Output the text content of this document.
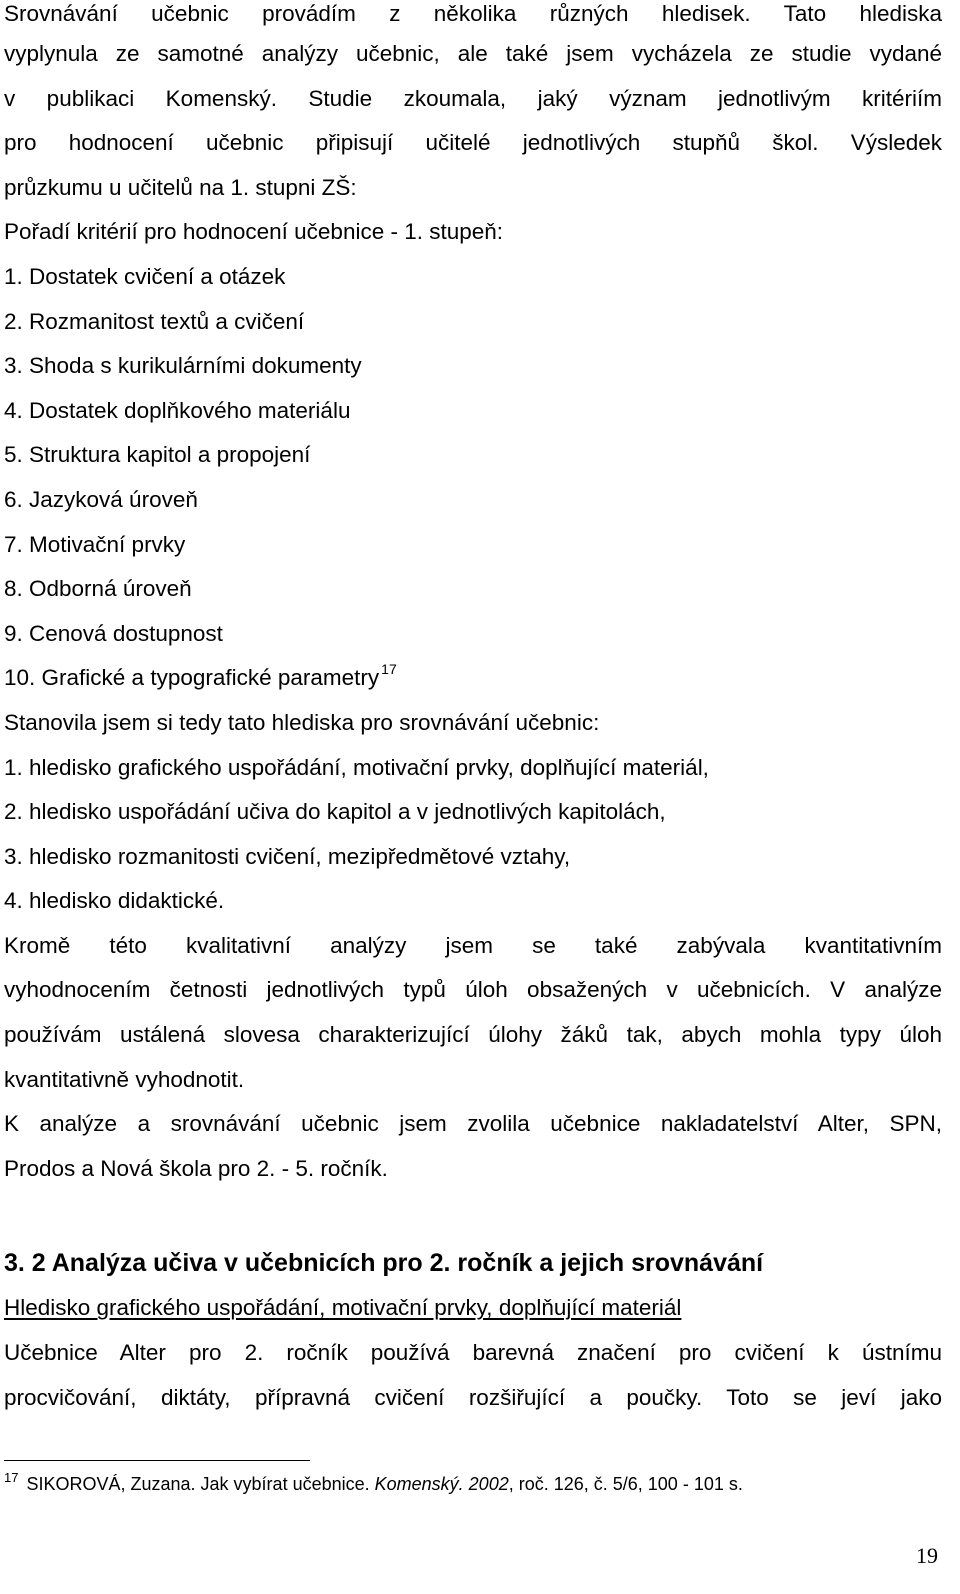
Srovnávání učebnic provádím z několika různých hledisek. Tato hlediska
vyplynula ze samotné analýzy učebnic, ale také jsem vycházela ze studie vydané
v publikaci Komenský. Studie zkoumala, jaký význam jednotlivým kritériím
pro hodnocení učebnic připisují učitelé jednotlivých stupňů škol. Výsledek
průzkumu u učitelů na 1. stupni ZŠ:
Pořadí kritérií pro hodnocení učebnice - 1. stupeň:
1. Dostatek cvičení a otázek
2. Rozmanitost textů a cvičení
3. Shoda s kurikulárními dokumenty
4. Dostatek doplňkového materiálu
5. Struktura kapitol a propojení
6. Jazyková úroveň
7. Motivační prvky
8. Odborná úroveň
9. Cenová dostupnost
10. Grafické a typografické parametry $^{17}$
Stanovila jsem si tedy tato hlediska pro srovnávání učebnic:
1. hledisko grafického uspořádání, motivační prvky, doplňující materiál,
2. hledisko uspořádání učiva do kapitol a v jednotlivých kapitolách,
3. hledisko rozmanitosti cvičení, mezipředmětové vztahy,
4. hledisko didaktické.
Kromě této kvalitativní analýzy jsem se také zabývala kvantitativním
vyhodnocením četnosti jednotlivých typů úloh obsažených v učebnicích. V analýze
používám ustálená slovesa charakterizující úlohy žáků tak, abych mohla typy úloh
kvantitativně vyhodnotit.
K analýze a srovnávání učebnic jsem zvolila učebnice nakladatelství Alter, SPN,
Prodos a Nová škola pro 2. - 5. ročník.
3. 2 Analýza učiva v učebnicích pro 2. ročník a jejich srovnávání
Hledisko grafického uspořádání, motivační prvky, doplňující materiál
Učebnice Alter pro 2. ročník používá barevná značení pro cvičení k ústnímu
procvičování, diktáty, přípravná cvičení rozšiřující a poučky. Toto se jeví jako
$^{17}$ SIKOROVÁ, Zuzana. Jak vybírat učebnice. Komenský. 2002, roč. 126, č. 5/6, 100 - 101 s.
19
